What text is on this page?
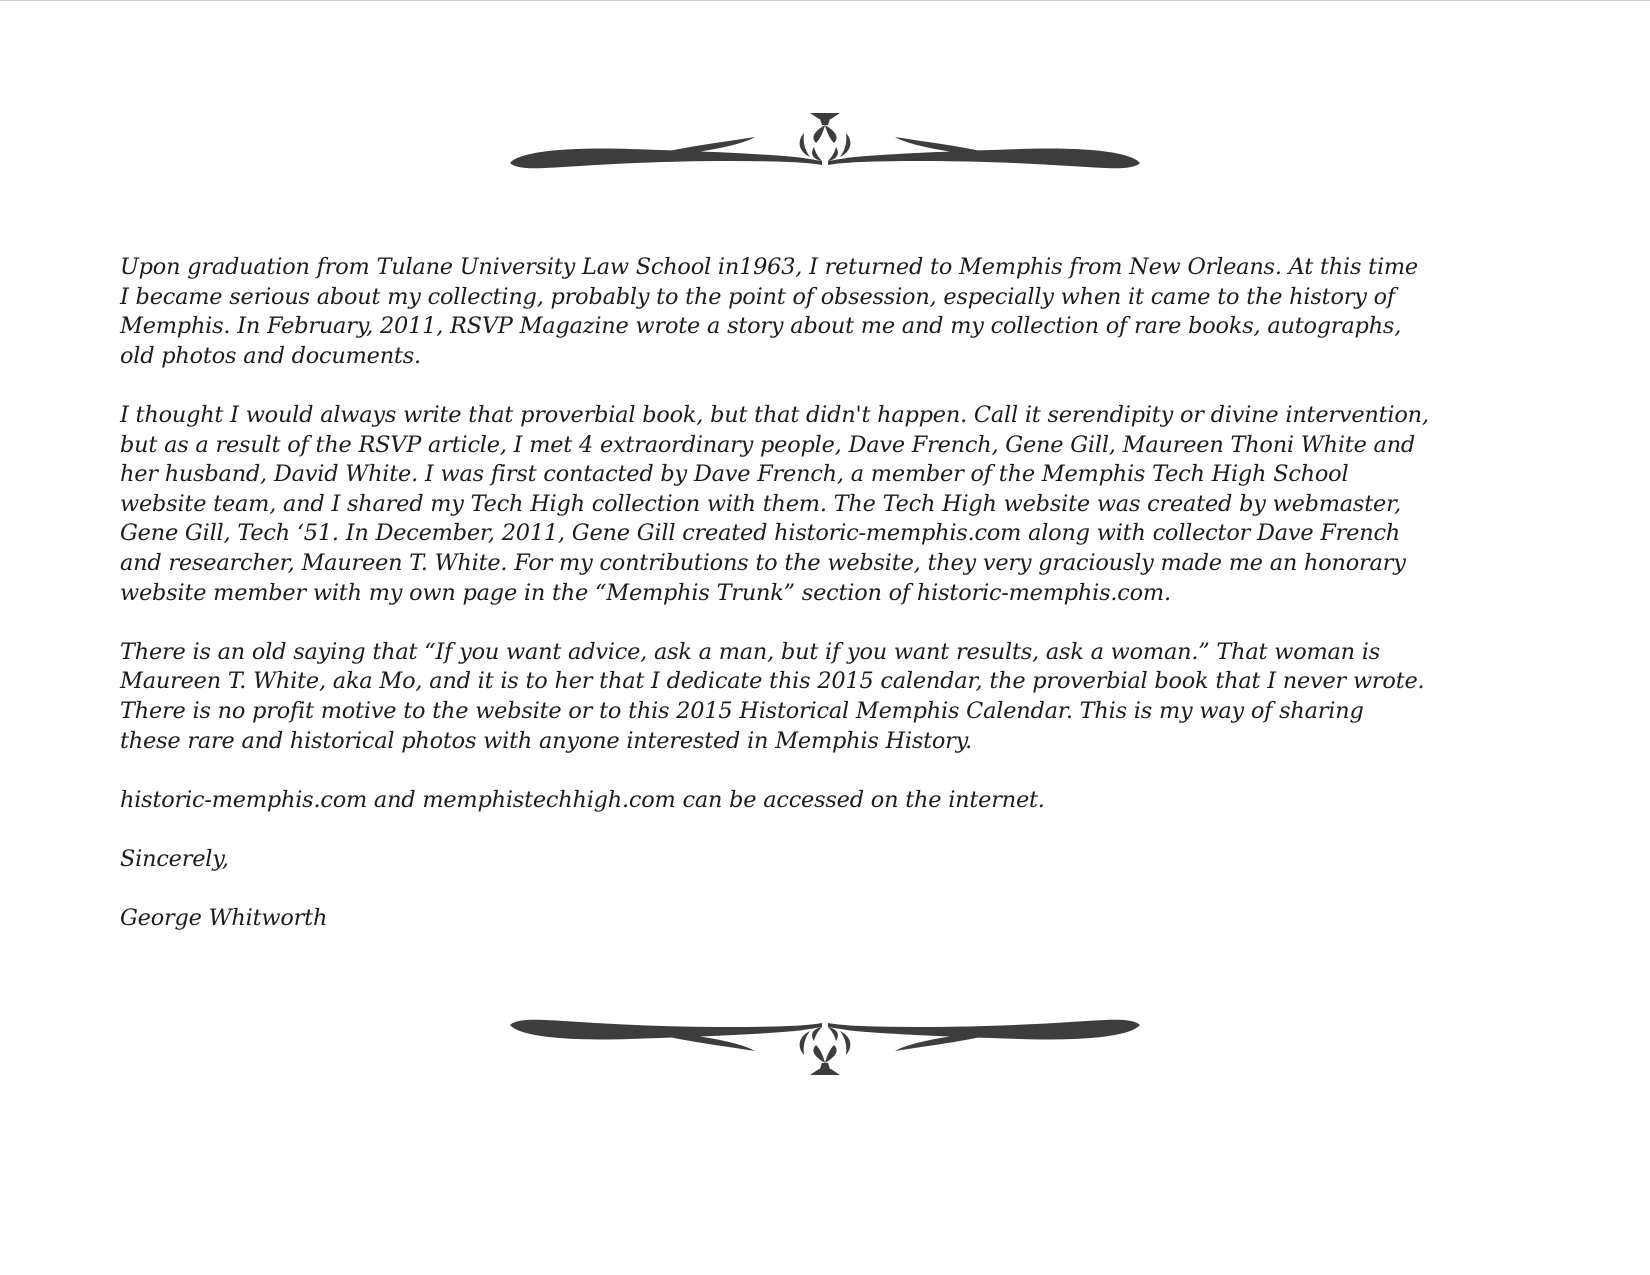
Upon graduation from Tulane University Law School in1963, I returned to Memphis from New Orleans. At this time
I became serious about my collecting, probably to the point of obsession, especially when it came to the history of
Memphis. In February, 2011, RSVP Magazine wrote a story about me and my collection of rare books, autographs,
old photos and documents.

I thought I would always write that proverbial book, but that didn't happen. Call it serendipity or divine intervention,
but as a result of the RSVP article, I met 4 extraordinary people, Dave French, Gene Gill, Maureen Thoni White and
her husband, David White. I was first contacted by Dave French, a member of the Memphis Tech High School
website team, and I shared my Tech High collection with them. The Tech High website was created by webmaster,
Gene Gill, Tech ‘51. In December, 2011, Gene Gill created historic-memphis.com along with collector Dave French
and researcher, Maureen T. White. For my contributions to the website, they very graciously made me an honorary
website member with my own page in the “Memphis Trunk” section of historic-memphis.com.

There is an old saying that “If you want advice, ask a man, but if you want results, ask a woman.” That woman is
Maureen T. White, aka Mo, and it is to her that I dedicate this 2015 calendar, the proverbial book that I never wrote.
There is no profit motive to the website or to this 2015 Historical Memphis Calendar. This is my way of sharing
these rare and historical photos with anyone interested in Memphis History.

historic-memphis.com and memphistechhigh.com can be accessed on the internet.

Sincerely,

George Whitworth
